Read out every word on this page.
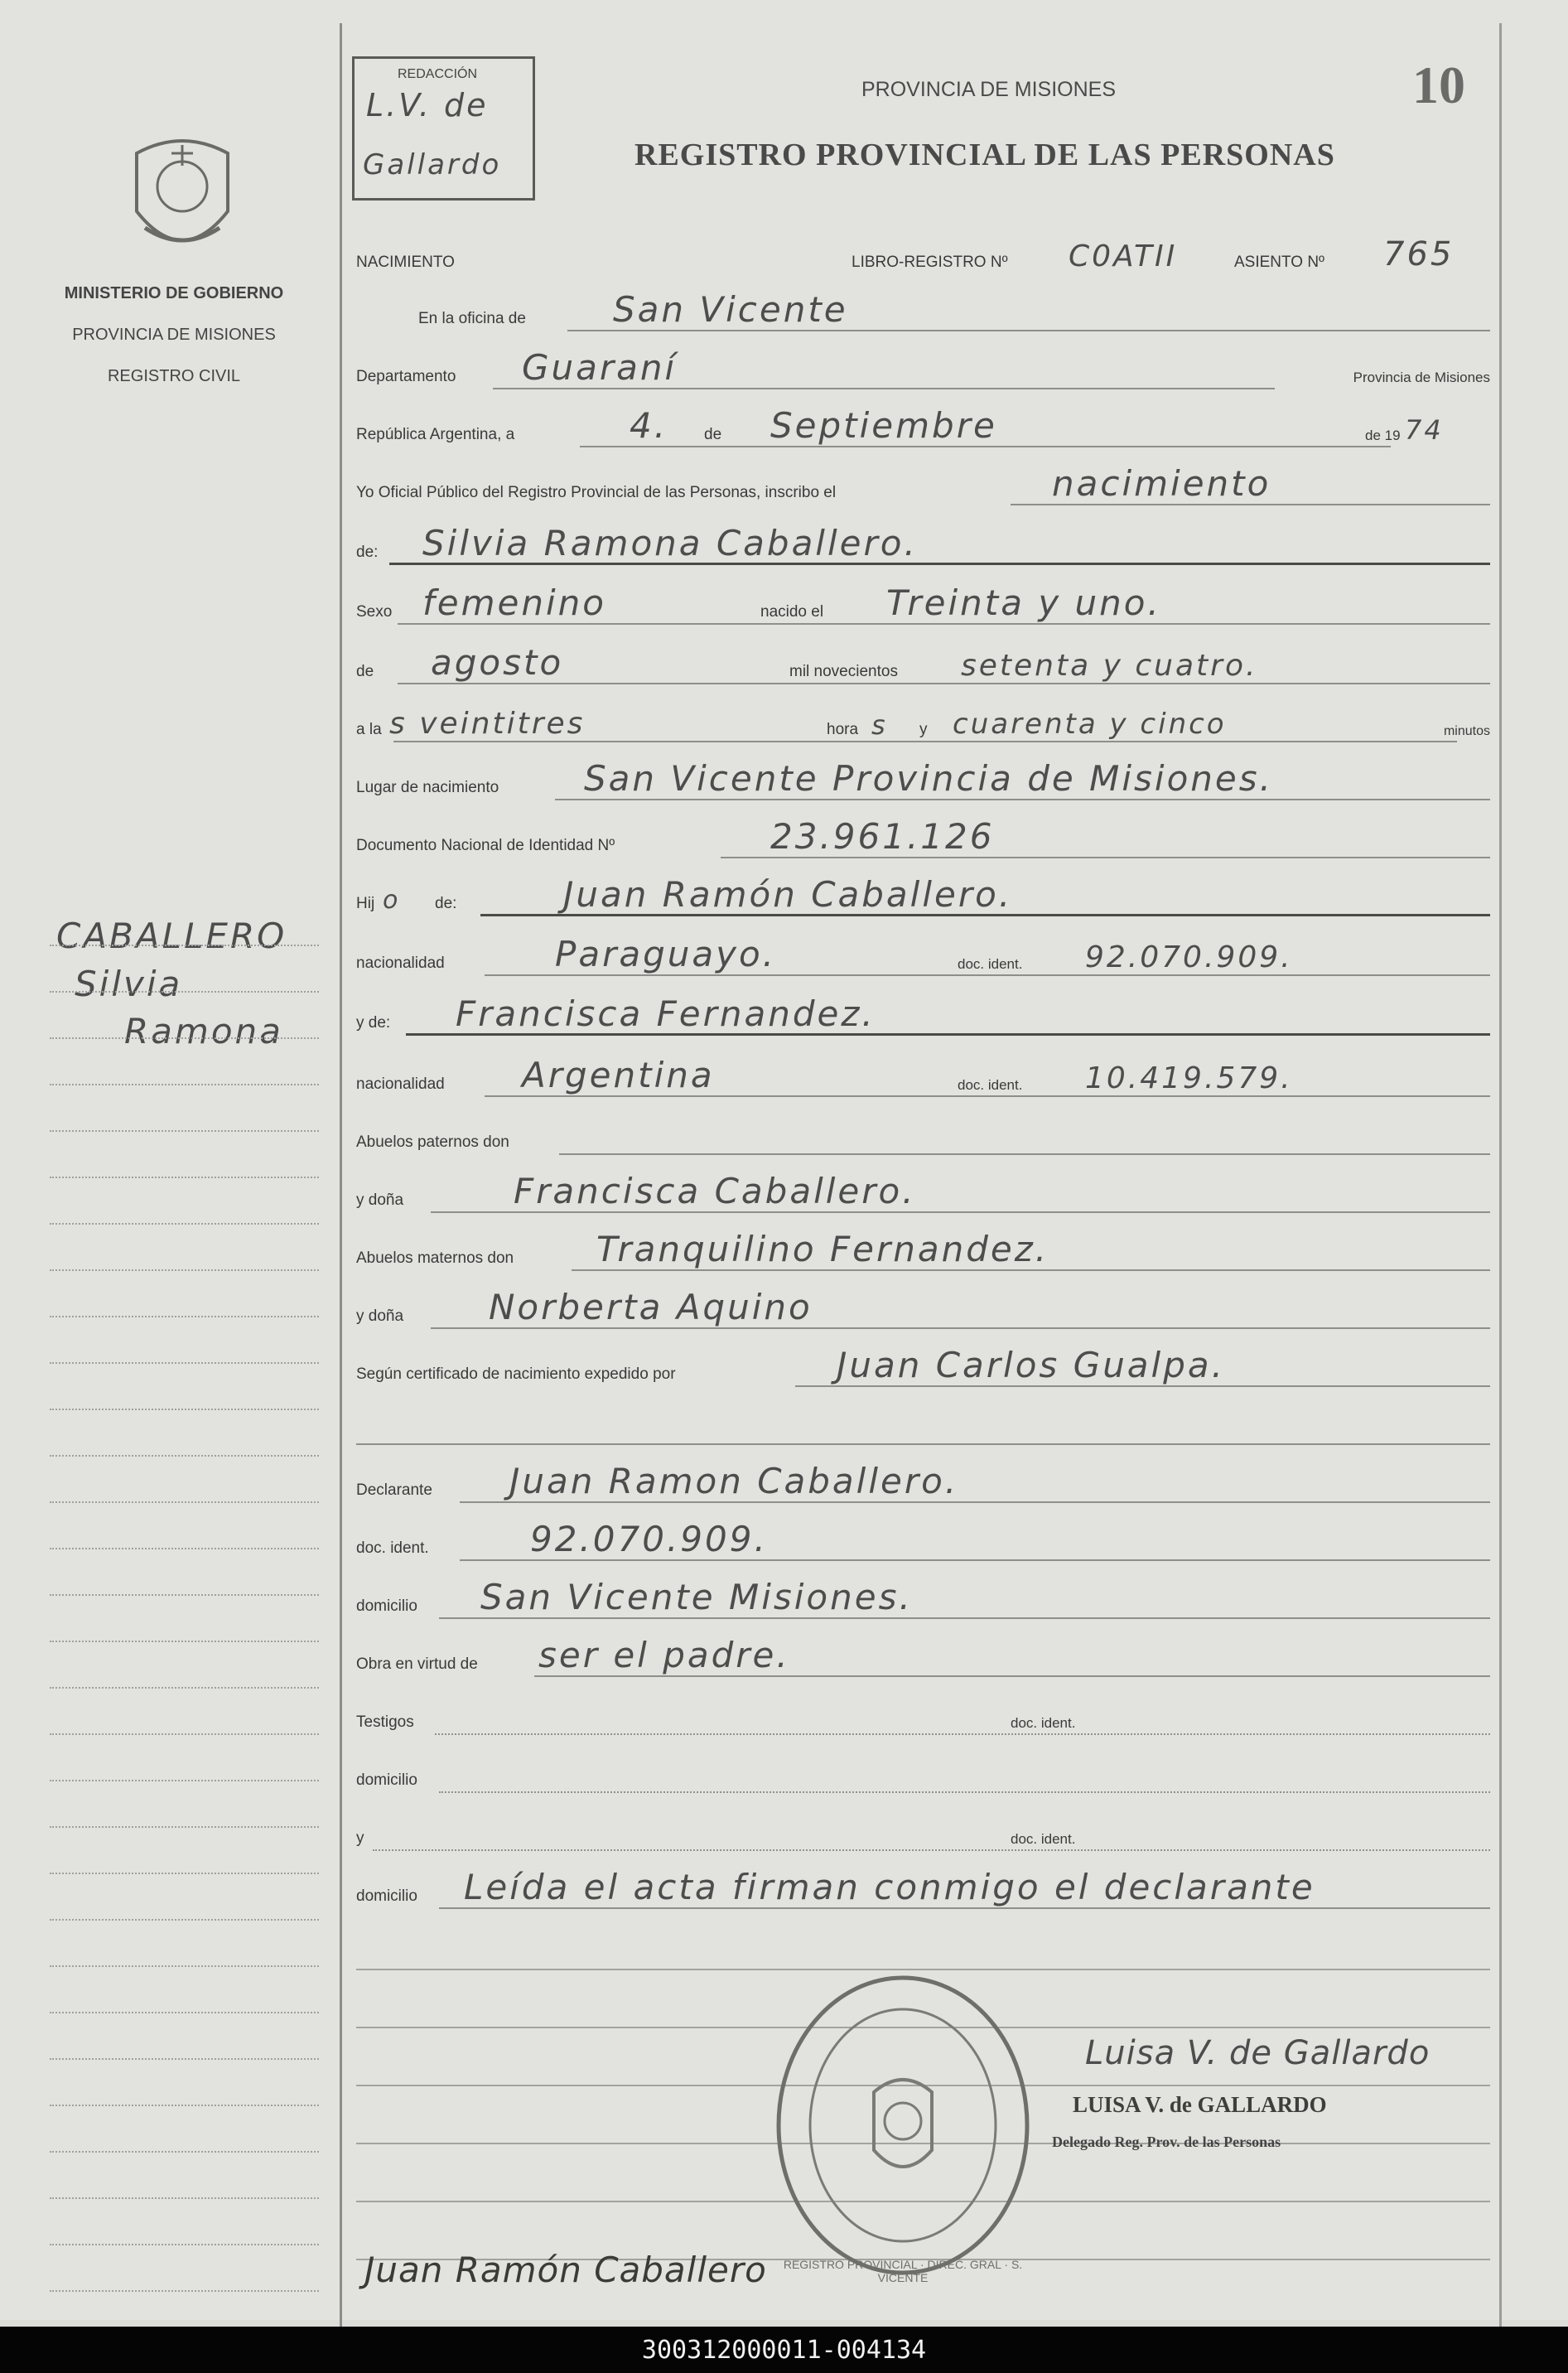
MINISTERIO DE GOBIERNO
PROVINCIA DE MISIONES
REGISTRO CIVIL
CABALLERO
Silvia
Ramona
REDACCIÓN
L.V. de
Gallardo
PROVINCIA DE MISIONES
REGISTRO PROVINCIAL DE LAS PERSONAS
10
NACIMIENTO	LIBRO-REGISTRO Nº C0ATII	ASIENTO Nº 765
En la oficina de	San Vicente
Departamento Guaraní	Provincia de Misiones
República Argentina, a	4. de Septiembre	de 19 74
Yo Oficial Público del Registro Provincial de las Personas, inscribo el	nacimiento
de: Silvia Ramona Caballero.
Sexo femenino	nacido el Treinta y uno.
de agosto	mil novecientos setenta y cuatro.
a la s veintitres	hora s y cuarenta y cinco	minutos
Lugar de nacimiento San Vicente Provincia de Misiones.
Documento Nacional de Identidad Nº	23.961.126
Hij o de:	Juan Ramón Caballero.
nacionalidad	Paraguayo.	doc. ident. 92.070.909.
y de: Francisca Fernandez.
nacionalidad Argentina	doc. ident. 10.419.579.
Abuelos paternos don
y doña	Francisca Caballero.
Abuelos maternos don Tranquilino Fernandez.
y doña Norberta Aquino
Según certificado de nacimiento expedido por	Juan Carlos Gualpa.
Declarante Juan Ramon Caballero.
doc. ident.	92.070.909.
domicilio San Vicente Misiones.
Obra en virtud de ser el padre.
Testigos	doc. ident.
domicilio
y	doc. ident.
domicilio Leída el acta firman conmigo el declarante
REGISTRO PROVINCIAL · DIREC. GRAL · S. VICENTE
Luisa V. de Gallardo
LUISA V. de GALLARDO
Delegado Reg. Prov. de las Personas
Juan Ramón Caballero
300312000011-004134
